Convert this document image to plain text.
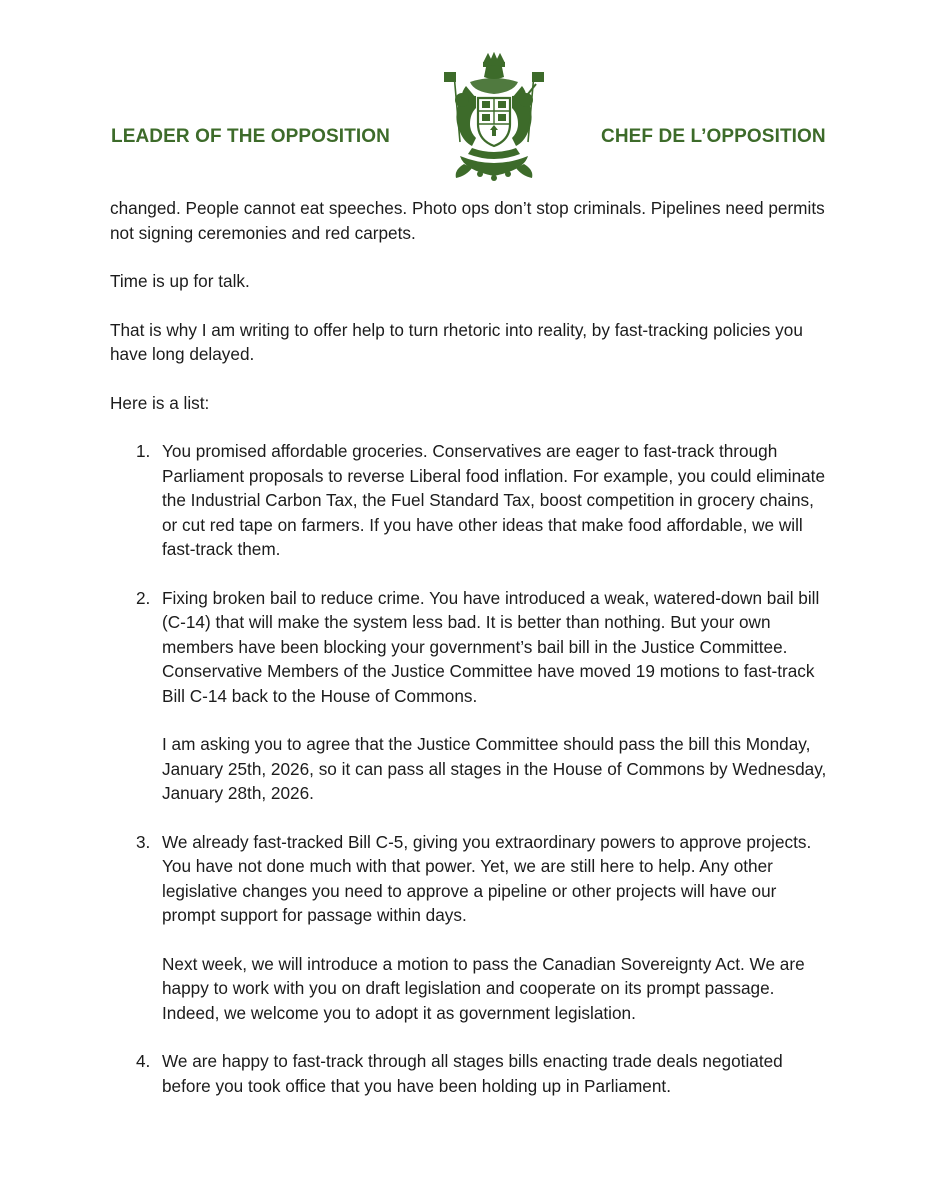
LEADER OF THE OPPOSITION	CHEF DE L’OPPOSITION

changed. People cannot eat speeches. Photo ops don’t stop criminals. Pipelines need permits not signing ceremonies and red carpets.

Time is up for talk.

That is why I am writing to offer help to turn rhetoric into reality, by fast-tracking policies you have long delayed.

Here is a list:

1. You promised affordable groceries. Conservatives are eager to fast-track through Parliament proposals to reverse Liberal food inflation. For example, you could eliminate the Industrial Carbon Tax, the Fuel Standard Tax, boost competition in grocery chains, or cut red tape on farmers. If you have other ideas that make food affordable, we will fast-track them.

2. Fixing broken bail to reduce crime. You have introduced a weak, watered-down bail bill (C-14) that will make the system less bad. It is better than nothing. But your own members have been blocking your government’s bail bill in the Justice Committee. Conservative Members of the Justice Committee have moved 19 motions to fast-track Bill C-14 back to the House of Commons.

I am asking you to agree that the Justice Committee should pass the bill this Monday, January 25th, 2026, so it can pass all stages in the House of Commons by Wednesday, January 28th, 2026.

3. We already fast-tracked Bill C-5, giving you extraordinary powers to approve projects. You have not done much with that power. Yet, we are still here to help. Any other legislative changes you need to approve a pipeline or other projects will have our prompt support for passage within days.

Next week, we will introduce a motion to pass the Canadian Sovereignty Act. We are happy to work with you on draft legislation and cooperate on its prompt passage. Indeed, we welcome you to adopt it as government legislation.

4. We are happy to fast-track through all stages bills enacting trade deals negotiated before you took office that you have been holding up in Parliament.
